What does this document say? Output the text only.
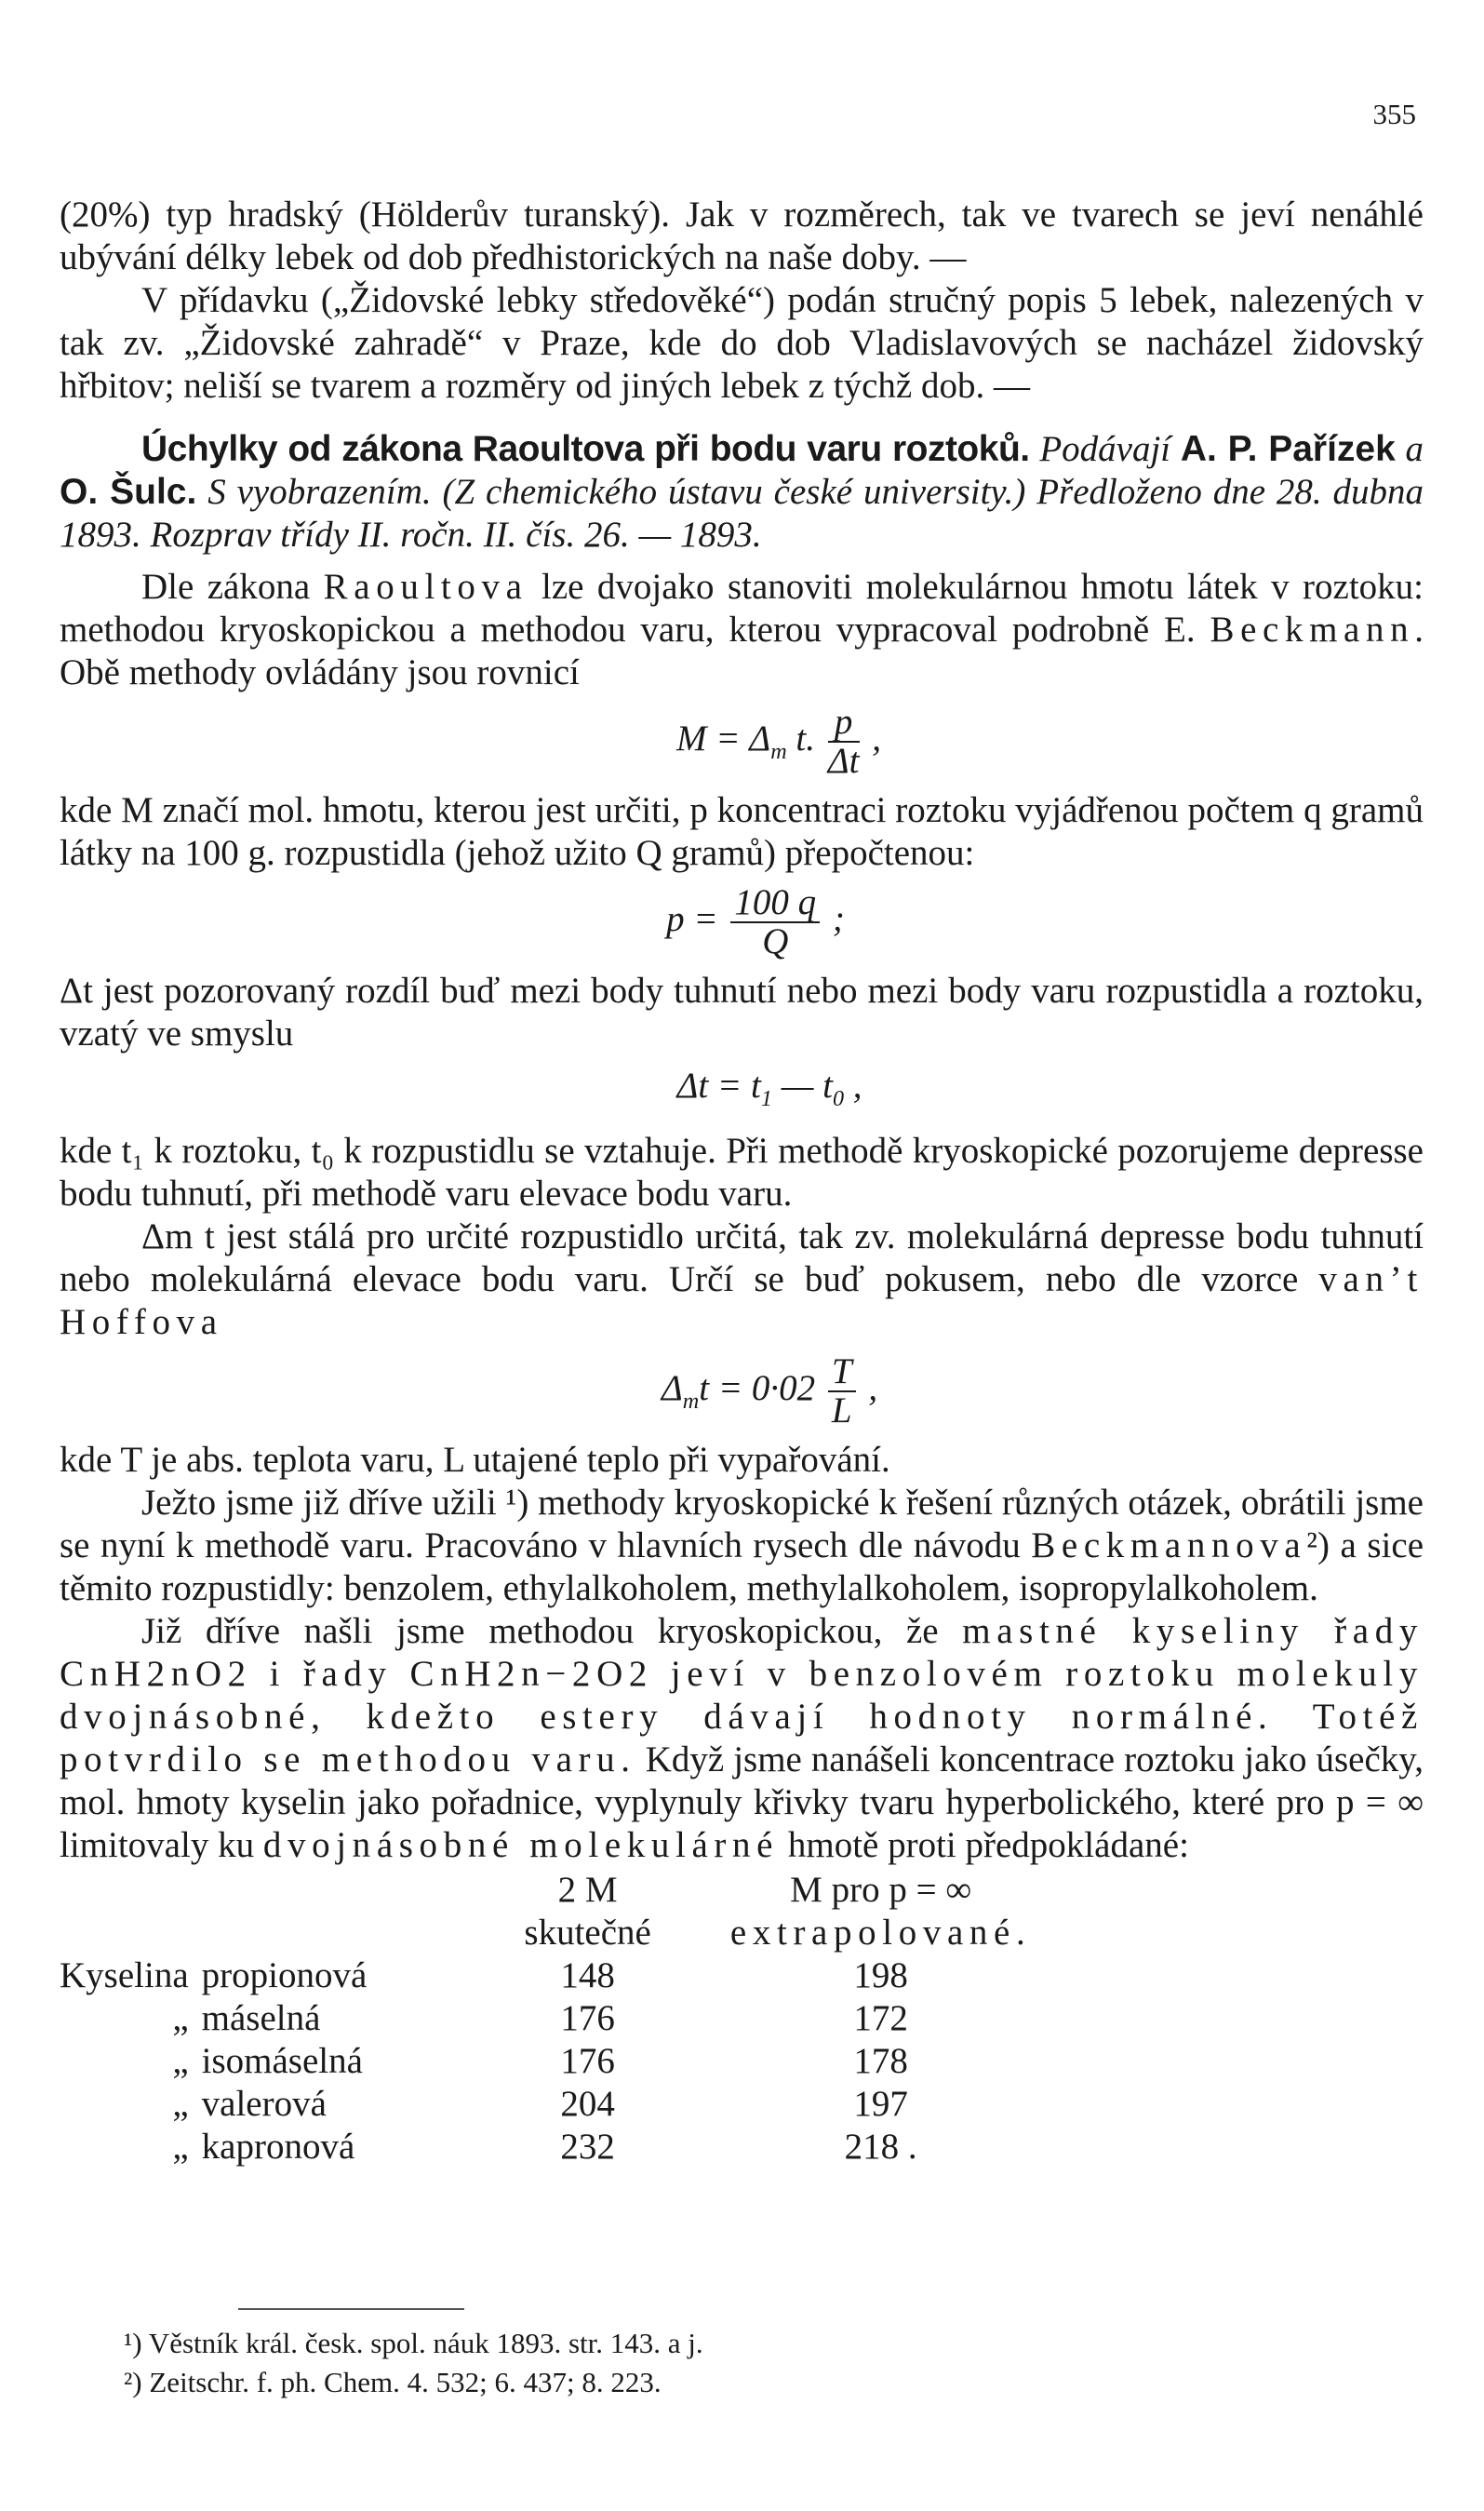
355

(20%) typ hradský (Hölderův turanský). Jak v rozměrech, tak ve tvarech se jeví nenáhlé ubývání délky lebek od dob předhistorických na naše doby. —

V přídavku („Židovské lebky středověké“) podán stručný popis 5 lebek, nalezených v tak zv. „Židovské zahradě“ v Praze, kde do dob Vladislavových se nacházel židovský hřbitov; neliší se tvarem a rozměry od jiných lebek z týchž dob. —

Úchylky od zákona Raoultova při bodu varu roztoků. Podávají A. P. Pařízek a O. Šulc. S vyobrazením. (Z chemického ústavu české university.) Předloženo dne 28. dubna 1893. Rozprav třídy II. ročn. II. čís. 26. — 1893.

Dle zákona Raoultova lze dvojako stanoviti molekulárnou hmotu látek v roztoku: methodou kryoskopickou a methodou varu, kterou vypracoval podrobně E. Beckmann. Obě methody ovládány jsou rovnicí

$M = \Delta_m$ t. $\frac{p}{\Delta t}$ ,

kde M značí mol. hmotu, kterou jest určiti, p koncentraci roztoku vyjádřenou počtem q gramů látky na 100 g. rozpustidla (jehož užito Q gramů) přepočtenou:

$p = \frac{100 q}{Q}$ ;

Δt jest pozorovaný rozdíl buď mezi body tuhnutí nebo mezi body varu rozpustidla a roztoku, vzatý ve smyslu

$\Delta t = t_1$ — $t_0$ ,

kde t₁ k roztoku, t₀ k rozpustidlu se vztahuje. Při methodě kryoskopické pozorujeme depresse bodu tuhnutí, při methodě varu elevace bodu varu.

Δm t jest stálá pro určité rozpustidlo určitá, tak zv. molekulárná depresse bodu tuhnutí nebo molekulárná elevace bodu varu. Určí se buď pokusem, nebo dle vzorce van’t Hoffova

$\Delta_mt = 0\cdot 02 \frac{T}{L}$ ,

kde T je abs. teplota varu, L utajené teplo při vypařování.

Ježto jsme již dříve užili ¹) methody kryoskopické k řešení různých otázek, obrátili jsme se nyní k methodě varu. Pracováno v hlavních rysech dle návodu Beckmannova²) a sice těmito rozpustidly: benzolem, ethylalkoholem, methylalkoholem, isopropylalkoholem.

Již dříve našli jsme methodou kryoskopickou, že mastné kyseliny řady CnH2nO2 i řady CnH2n−2O2 jeví v benzolovém roztoku molekuly dvojnásobné, kdežto estery dávají hodnoty normálné. Totéž potvrdilo se methodou varu. Když jsme nanášeli koncentrace roztoku jako úsečky, mol. hmoty kyselin jako pořadnice, vyplynuly křivky tvaru hyperbolického, které pro p = ∞ limitovaly ku dvojnásobné molekulárné hmotě proti předpokládané:

		2 M	M pro p = ∞
		skutečné	extrapolované.
Kyselina	propionová	148	198
„	máselná	176	172
„	isomáselná	176	178
„	valerová	204	197
„	kapronová	232	218 .
¹) Věstník král. česk. spol. náuk 1893. str. 143. a j.
²) Zeitschr. f. ph. Chem. 4. 532; 6. 437; 8. 223.
